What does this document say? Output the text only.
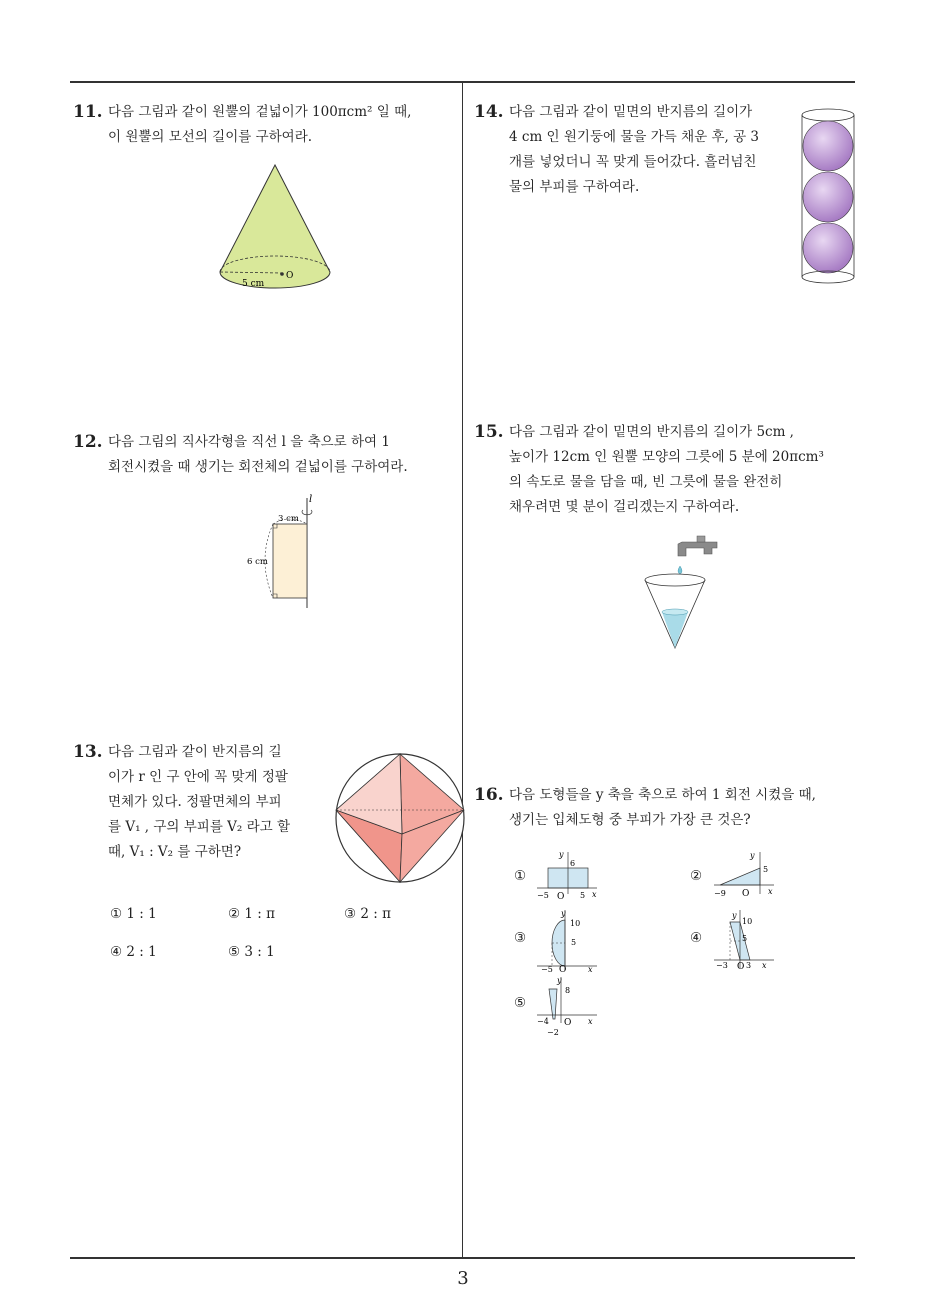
11. 다음 그림과 같이 원뿔의 겉넓이가 100πcm² 일 때,
이 원뿔의 모선의 길이를 구하여라.
5 cm
O
12. 다음 그림의 직사각형을 직선 l 을 축으로 하여 1
회전시켰을 때 생기는 회전체의 겉넓이를 구하여라.
l
3 cm
6 cm
13. 다음 그림과 같이 반지름의 길
이가 r 인 구 안에 꼭 맞게 정팔
면체가 있다. 정팔면체의 부피
를 V₁ , 구의 부피를 V₂ 라고 할
때, V₁ : V₂ 를 구하면?
① 1 : 1	② 1 : π	③ 2 : π
④ 2 : 1	⑤ 3 : 1
14. 다음 그림과 같이 밑면의 반지름의 길이가
4 cm 인 원기둥에 물을 가득 채운 후, 공 3
개를 넣었더니 꼭 맞게 들어갔다. 흘러넘친
물의 부피를 구하여라.
15. 다음 그림과 같이 밑면의 반지름의 길이가 5cm ,
높이가 12cm 인 원뿔 모양의 그릇에 5 분에 20πcm³
의 속도로 물을 담을 때, 빈 그릇에 물을 완전히
채우려면 몇 분이 걸리겠는지 구하여라.
16. 다음 도형들을 y 축을 축으로 하여 1 회전 시켰을 때,
생기는 입체도형 중 부피가 가장 큰 것은?
①	②
③	④
⑤
y
6
−5 O 5 x
y
5
−9 O x
y
10
5
−5 O	x
y
10
5
−3 O 3 x
y
8
−4 O
−2
x
3
